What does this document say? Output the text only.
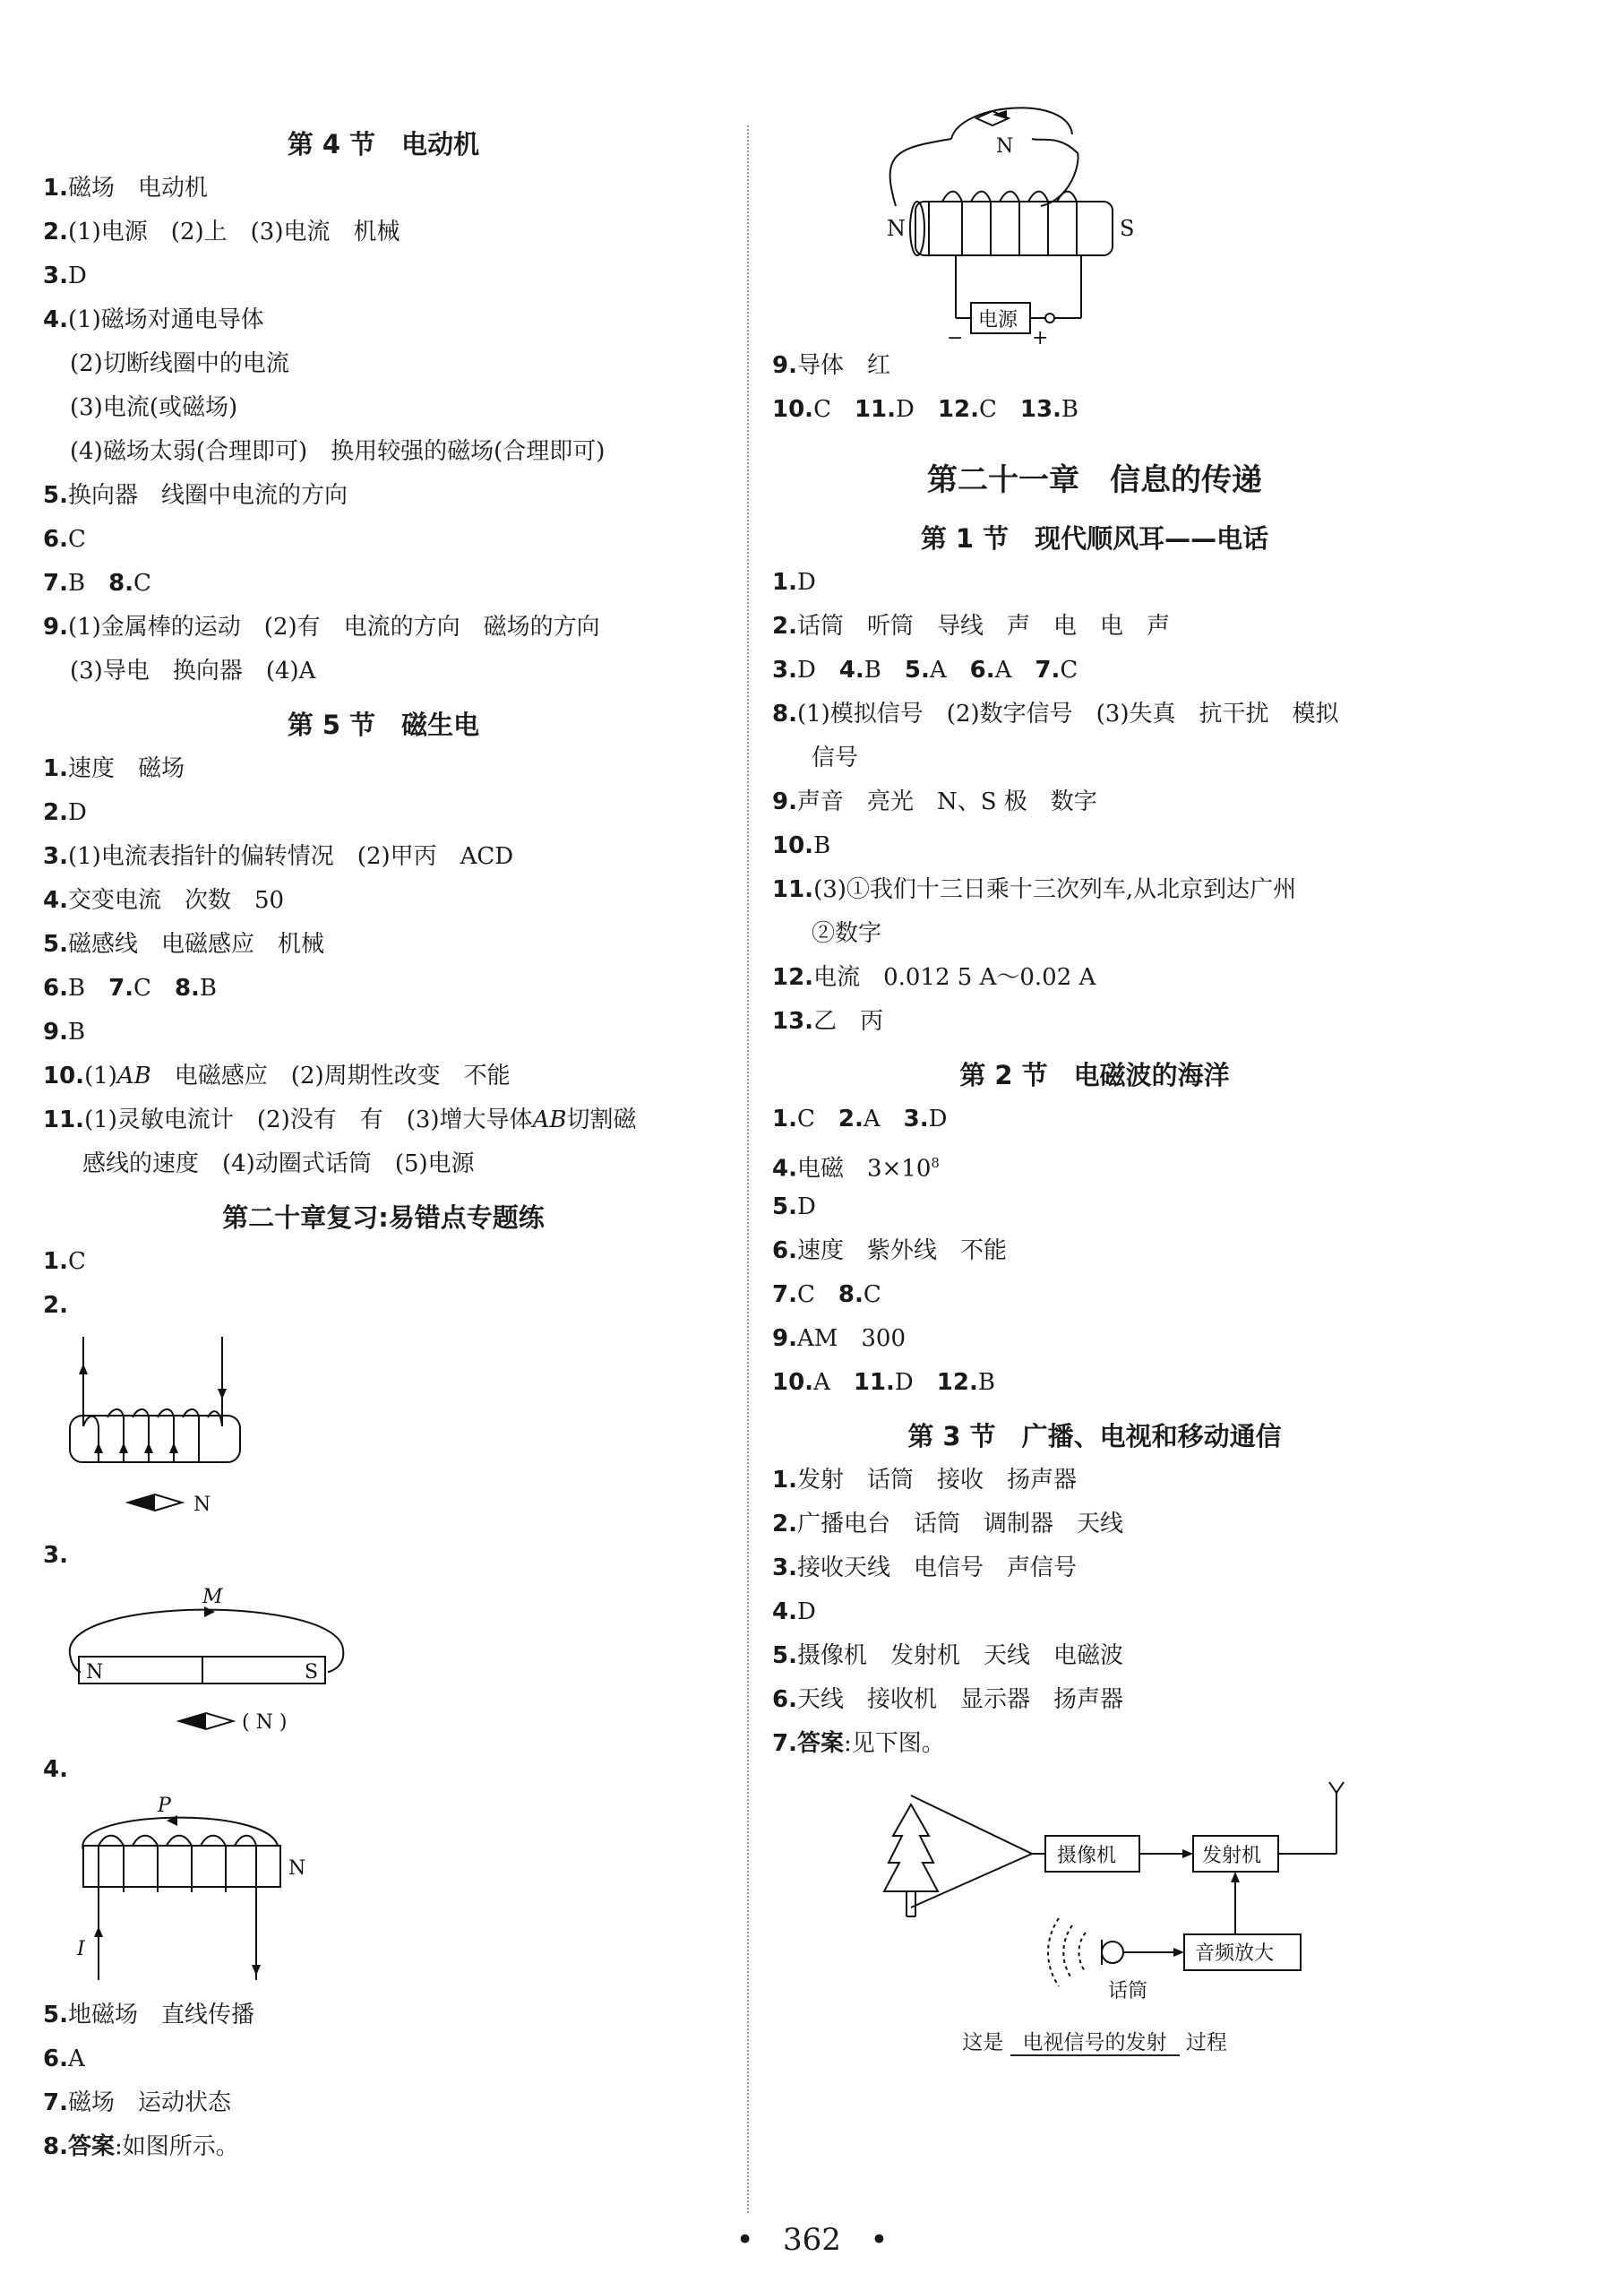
第 4 节　电动机
1.磁场　电动机
2.(1)电源　(2)上　(3)电流　机械
3.D
4.(1)磁场对通电导体
(2)切断线圈中的电流
(3)电流(或磁场)
(4)磁场太弱(合理即可)　换用较强的磁场(合理即可)
5.换向器　线圈中电流的方向
6.C
7.B　8.C
9.(1)金属棒的运动　(2)有　电流的方向　磁场的方向
(3)导电　换向器　(4)A
第 5 节　磁生电
1.速度　磁场
2.D
3.(1)电流表指针的偏转情况　(2)甲丙　ACD
4.交变电流　次数　50
5.磁感线　电磁感应　机械
6.B　7.C　8.B
9.B
10.(1)AB　电磁感应　(2)周期性改变　不能
11.(1)灵敏电流计　(2)没有　有　(3)增大导体AB切割磁
感线的速度　(4)动圈式话筒　(5)电源
第二十章复习:易错点专题练
1.C
2.
N
3.
M
N	S
( N )
4.
P
I
N
5.地磁场　直线传播
6.A
7.磁场　运动状态
8.答案:如图所示。
N
N	S
电源
−	+
9.导体　红
10.C　11.D　12.C　13.B
第二十一章　信息的传递
第 1 节　现代顺风耳——电话
1.D
2.话筒　听筒　导线　声　电　电　声
3.D　4.B　5.A　6.A　7.C
8.(1)模拟信号　(2)数字信号　(3)失真　抗干扰　模拟
信号
9.声音　亮光　N、S 极　数字
10.B
11.(3)①我们十三日乘十三次列车,从北京到达广州
②数字
12.电流　0.012 5 A～0.02 A
13.乙　丙
第 2 节　电磁波的海洋
1.C　2.A　3.D
4.电磁　$3\times 10^8$
5.D
6.速度　紫外线　不能
7.C　8.C
9.AM　300
10.A　11.D　12.B
第 3 节　广播、电视和移动通信
1.发射　话筒　接收　扬声器
2.广播电台　话筒　调制器　天线
3.接收天线　电信号　声信号
4.D
5.摄像机　发射机　天线　电磁波
6.天线　接收机　显示器　扬声器
7.答案:见下图。
摄像机	发射机
音频放大
话筒
这是 电视信号的发射 过程
•   362   •
